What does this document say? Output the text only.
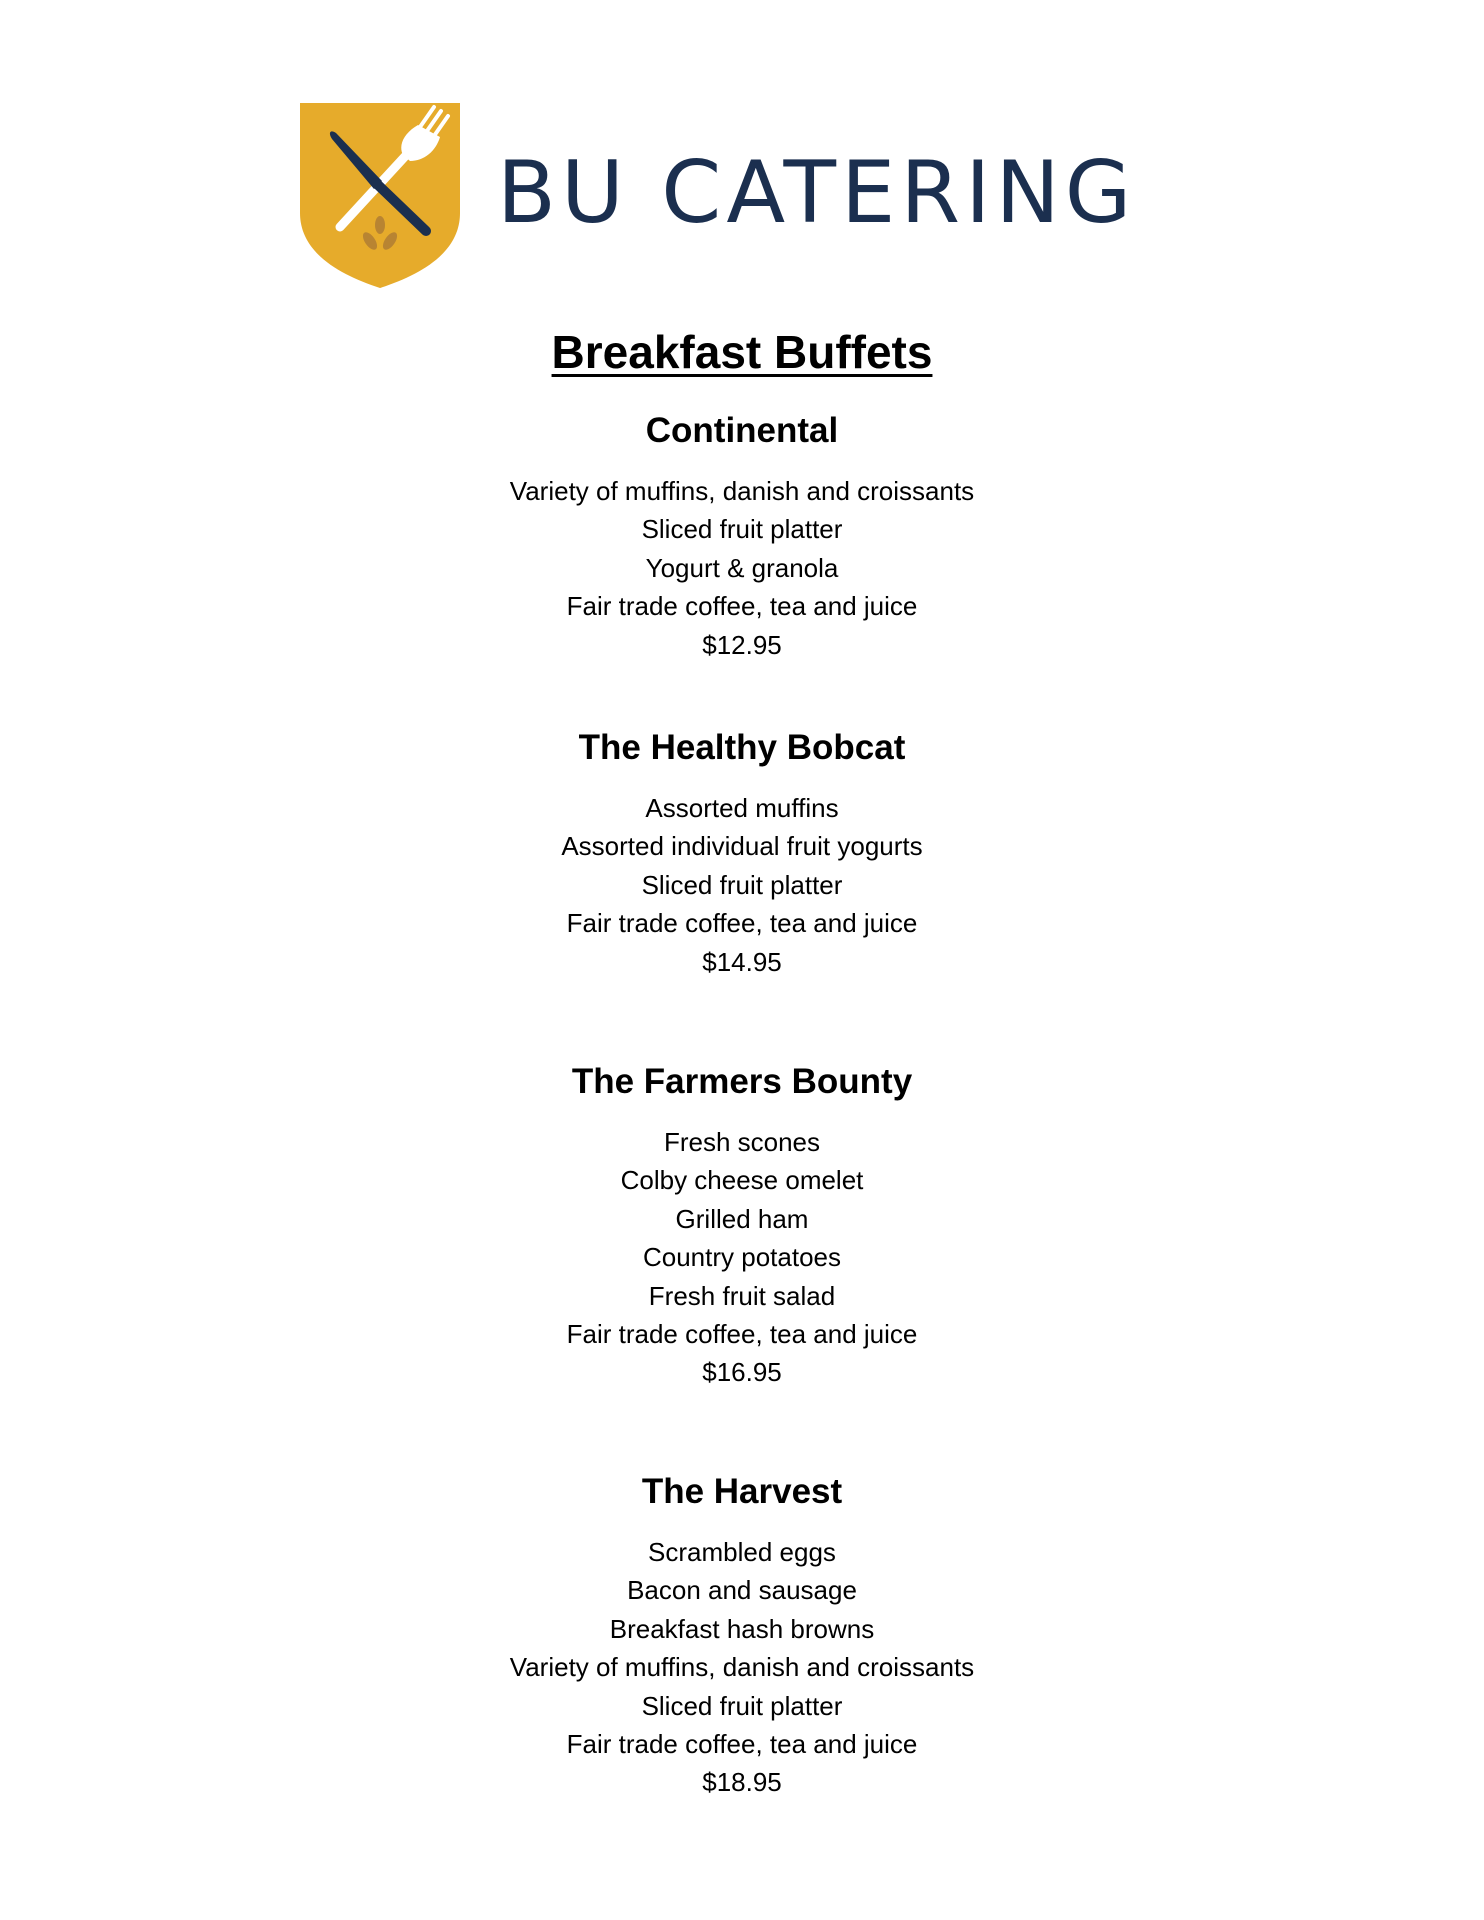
BU CATERING
Breakfast Buffets
Continental
Variety of muffins, danish and croissants
Sliced fruit platter
Yogurt & granola
Fair trade coffee, tea and juice
$12.95
The Healthy Bobcat
Assorted muffins
Assorted individual fruit yogurts
Sliced fruit platter
Fair trade coffee, tea and juice
$14.95
The Farmers Bounty
Fresh scones
Colby cheese omelet
Grilled ham
Country potatoes
Fresh fruit salad
Fair trade coffee, tea and juice
$16.95
The Harvest
Scrambled eggs
Bacon and sausage
Breakfast hash browns
Variety of muffins, danish and croissants
Sliced fruit platter
Fair trade coffee, tea and juice
$18.95
